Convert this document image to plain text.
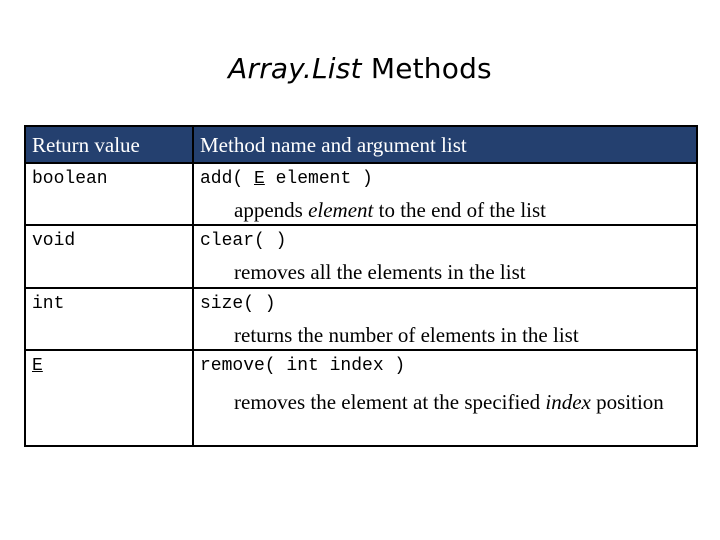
Array.List Methods
Return value	Method name and argument list

boolean	add( E element )
appends element to the end of the list

void	clear( )
removes all the elements in the list

int	size( )
returns the number of elements in the list

E	remove( int index )
removes the element at the specified index position
